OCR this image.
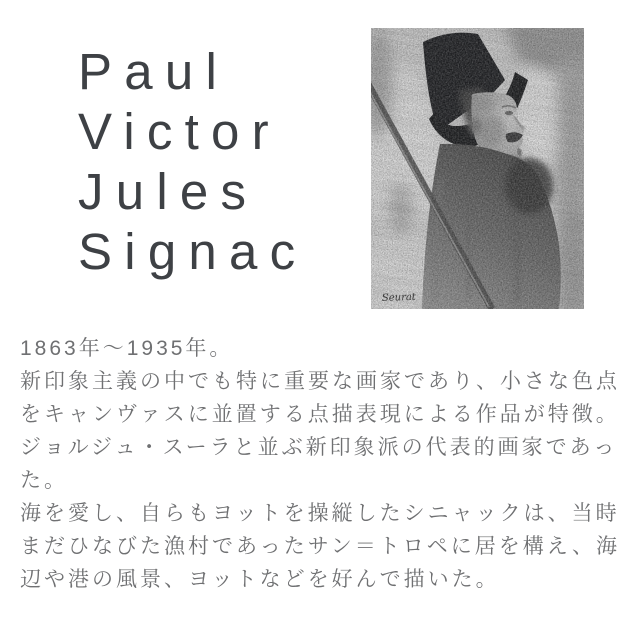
Paul
Victor
Jules
Signac
Seurat
1863年〜1935年。
新印象主義の中でも特に重要な画家であり、小さな色点
をキャンヴァスに並置する点描表現による作品が特徴。
ジョルジュ・スーラと並ぶ新印象派の代表的画家であっ
た。
海を愛し、自らもヨットを操縦したシニャックは、当時
まだひなびた漁村であったサン＝トロペに居を構え、海
辺や港の風景、ヨットなどを好んで描いた。
